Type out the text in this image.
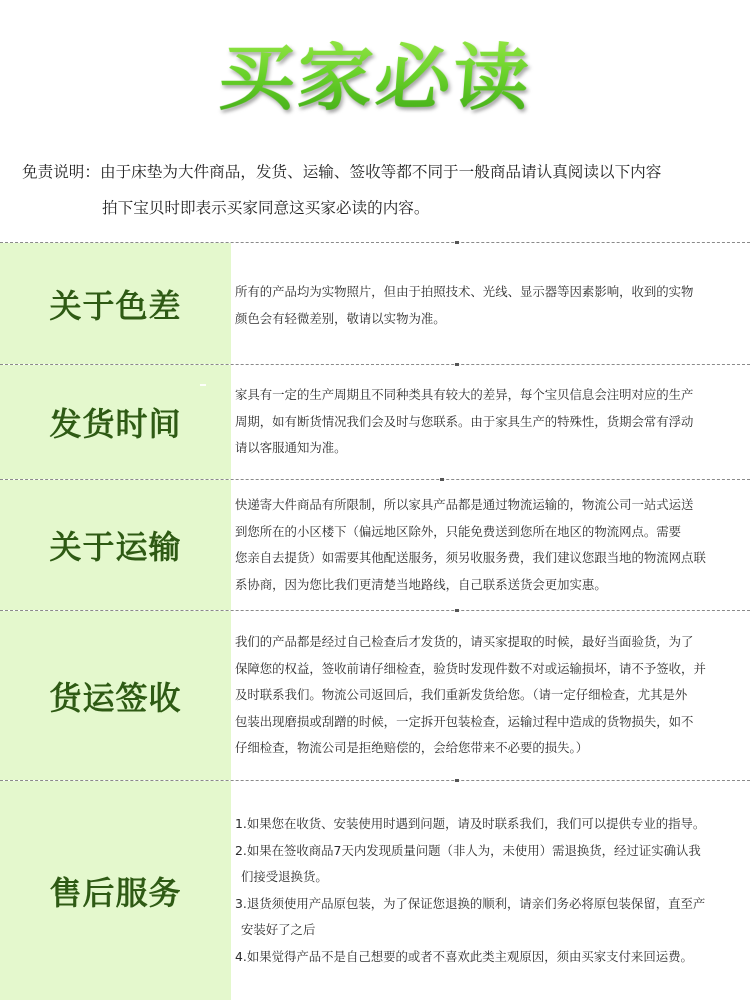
买家必读
免责说明：由于床垫为大件商品，发货、运输、签收等都不同于一般商品请认真阅读以下内容
拍下宝贝时即表示买家同意这买家必读的内容。
关于色差	所有的产品均为实物照片，但由于拍照技术、光线、显示器等因素影响，收到的实物
颜色会有轻微差别，敬请以实物为准。
发货时间
家具有一定的生产周期且不同种类具有较大的差异，每个宝贝信息会注明对应的生产
周期，如有断货情况我们会及时与您联系。由于家具生产的特殊性，货期会常有浮动
请以客服通知为准。
关于运输
快递寄大件商品有所限制，所以家具产品都是通过物流运输的，物流公司一站式运送
到您所在的小区楼下（偏远地区除外，只能免费送到您所在地区的物流网点。需要
您亲自去提货）如需要其他配送服务，须另收服务费，我们建议您跟当地的物流网点联
系协商，因为您比我们更清楚当地路线，自己联系送货会更加实惠。
货运签收
我们的产品都是经过自己检查后才发货的，请买家提取的时候，最好当面验货，为了
保障您的权益，签收前请仔细检查，验货时发现件数不对或运输损坏，请不予签收，并
及时联系我们。物流公司返回后，我们重新发货给您。（请一定仔细检查，尤其是外
包装出现磨损或刮蹭的时候，一定拆开包装检查，运输过程中造成的货物损失，如不
仔细检查，物流公司是拒绝赔偿的，会给您带来不必要的损失。）
售后服务
1.如果您在收货、安装使用时遇到问题，请及时联系我们，我们可以提供专业的指导。
2.如果在签收商品7天内发现质量问题（非人为，未使用）需退换货，经过证实确认我
们接受退换货。
3.退货须使用产品原包装，为了保证您退换的顺利，请亲们务必将原包装保留，直至产
安装好了之后
4.如果觉得产品不是自己想要的或者不喜欢此类主观原因，须由买家支付来回运费。
